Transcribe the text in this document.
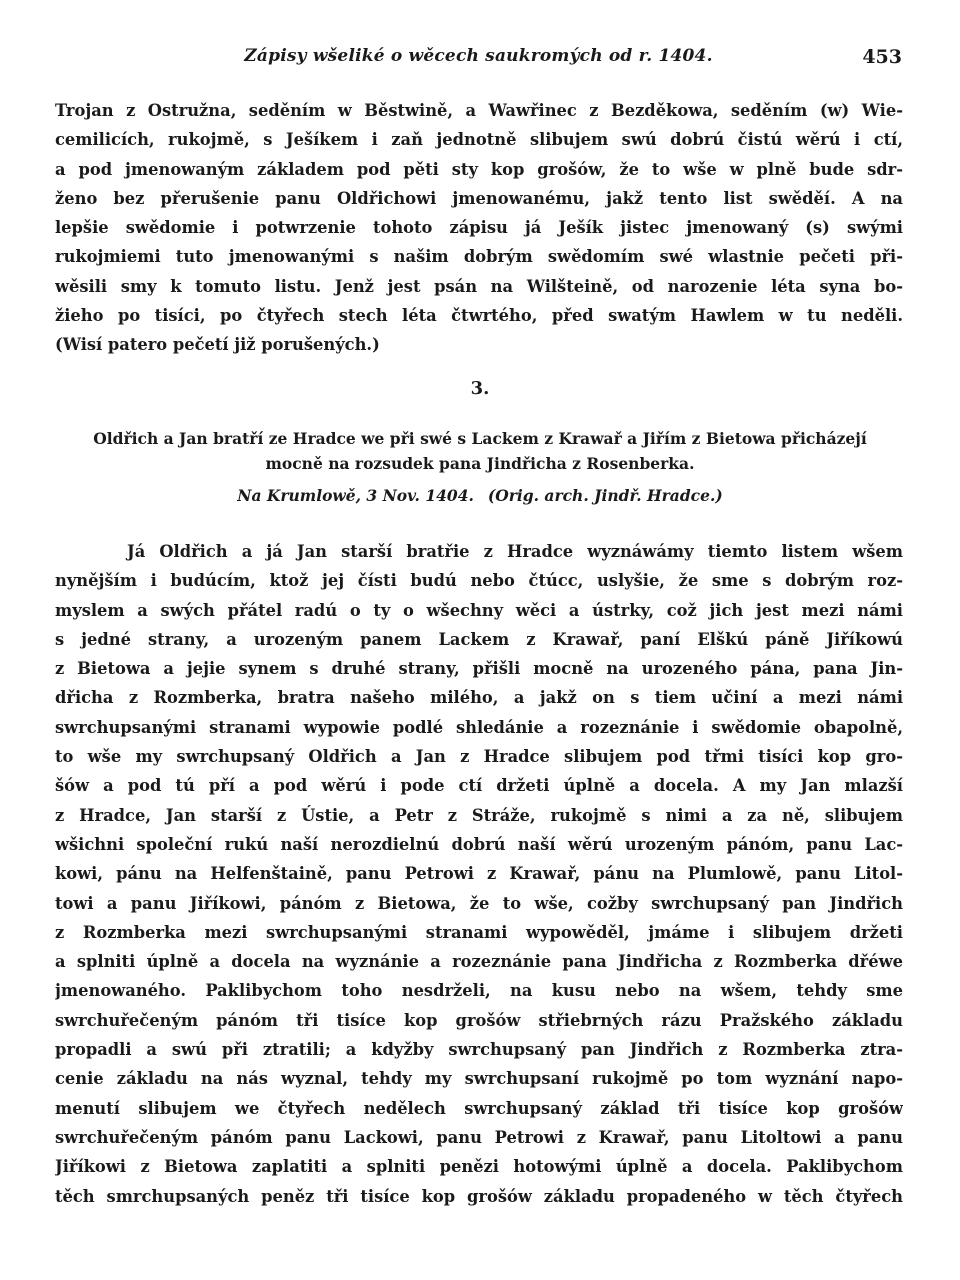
Zápisy wšeliké o wěcech saukromých od r. 1404.	453
Trojan z Ostružna, seděním w Běstwině, a Wawřinec z Bezděkowa, seděním (w) Wie-
cemilicích, rukojmě, s Ješíkem i zaň jednotně slibujem swú dobrú čistú wěrú i ctí,
a pod jmenowaným základem pod pěti sty kop grošów, že to wše w plně bude sdr-
ženo bez přerušenie panu Oldřichowi jmenowanému, jakž tento list swěděí. A na
lepšie swědomie i potwrzenie tohoto zápisu já Ješík jistec jmenowaný (s) swými
rukojmiemi tuto jmenowanými s našim dobrým swědomím swé wlastnie pečeti při-
wěsili smy k tomuto listu. Jenž jest psán na Wilšteině, od narozenie léta syna bo-
žieho po tisíci, po čtyřech stech léta čtwrtého, před swatým Hawlem w tu neděli.
(Wisí patero pečetí již porušených.)
3.
Oldřich a Jan bratří ze Hradce we při swé s Lackem z Krawař a Jiřím z Bietowa přicházejí
mocně na rozsudek pana Jindřicha z Rosenberka.
Na Krumlowě, 3 Nov. 1404. (Orig. arch. Jindř. Hradce.)
Já Oldřich a já Jan starší bratřie z Hradce wyznáwámy tiemto listem wšem
nynějším i budúcím, ktož jej čísti budú nebo čtúcc, uslyšie, že sme s dobrým roz-
myslem a swých přátel radú o ty o wšechny wěci a ústrky, což jich jest mezi námi
s jedné strany, a urozeným panem Lackem z Krawař, paní Elškú páně Jiříkowú
z Bietowa a jejie synem s druhé strany, přišli mocně na urozeného pána, pana Jin-
dřicha z Rozmberka, bratra našeho milého, a jakž on s tiem učiní a mezi námi
swrchupsanými stranami wypowie podlé shledánie a rozeznánie i swědomie obapolně,
to wše my swrchupsaný Oldřich a Jan z Hradce slibujem pod třmi tisíci kop gro-
šów a pod tú pří a pod wěrú i pode ctí držeti úplně a docela. A my Jan mlazší
z Hradce, Jan starší z Ústie, a Petr z Stráže, rukojmě s nimi a za ně, slibujem
wšichni společní rukú naší nerozdielnú dobrú naší wěrú urozeným pánóm, panu Lac-
kowi, pánu na Helfenštaině, panu Petrowi z Krawař, pánu na Plumlowě, panu Litol-
towi a panu Jiříkowi, pánóm z Bietowa, že to wše, cožby swrchupsaný pan Jindřich
z Rozmberka mezi swrchupsanými stranami wypowěděl, jmáme i slibujem držeti
a splniti úplně a docela na wyznánie a rozeznánie pana Jindřicha z Rozmberka dřéwe
jmenowaného. Paklibychom toho nesdrželi, na kusu nebo na wšem, tehdy sme
swrchuřečeným pánóm tři tisíce kop grošów střiebrných rázu Pražského základu
propadli a swú při ztratili; a kdyžby swrchupsaný pan Jindřich z Rozmberka ztra-
cenie základu na nás wyznal, tehdy my swrchupsaní rukojmě po tom wyznání napo-
menutí slibujem we čtyřech nedělech swrchupsaný základ tři tisíce kop grošów
swrchuřečeným pánóm panu Lackowi, panu Petrowi z Krawař, panu Litoltowi a panu
Jiříkowi z Bietowa zaplatiti a splniti penězi hotowými úplně a docela. Paklibychom
těch smrchupsaných peněz tři tisíce kop grošów základu propadeného w těch čtyřech
